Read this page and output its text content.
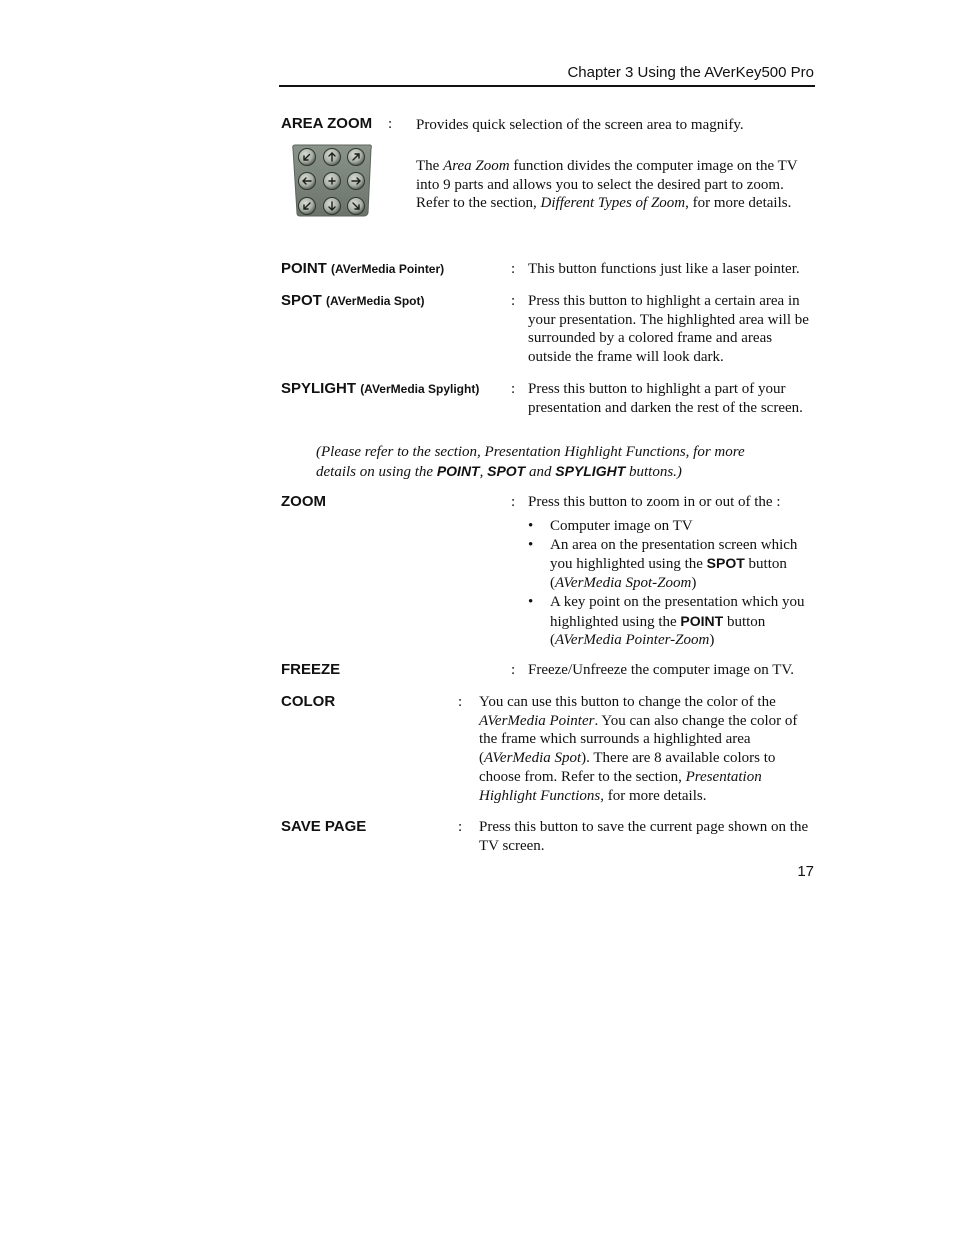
Chapter 3 Using the AVerKey500 Pro
AREA ZOOM : Provides quick selection of the screen area to magnify.
The Area Zoom function divides the computer image on the TV into 9 parts and allows you to select the desired part to zoom. Refer to the section, Different Types of Zoom, for more details.
POINT (AVerMedia Pointer)	: This button functions just like a laser pointer.
SPOT (AVerMedia Spot)	: Press this button to highlight a certain area in your presentation. The highlighted area will be surrounded by a colored frame and areas outside the frame will look dark.
SPYLIGHT (AVerMedia Spylight) : Press this button to highlight a part of your presentation and darken the rest of the screen.
(Please refer to the section, Presentation Highlight Functions, for more details on using the POINT, SPOT and SPYLIGHT buttons.)
ZOOM	: Press this button to zoom in or out of the :
• Computer image on TV
• An area on the presentation screen which you highlighted using the SPOT button (AVerMedia Spot-Zoom)
• A key point on the presentation which you highlighted using the POINT button (AVerMedia Pointer-Zoom)
FREEZE	: Freeze/Unfreeze the computer image on TV.
COLOR	: You can use this button to change the color of the AVerMedia Pointer. You can also change the color of the frame which surrounds a highlighted area (AVerMedia Spot). There are 8 available colors to choose from. Refer to the section, Presentation Highlight Functions, for more details.
SAVE PAGE	: Press this button to save the current page shown on the TV screen.
17
